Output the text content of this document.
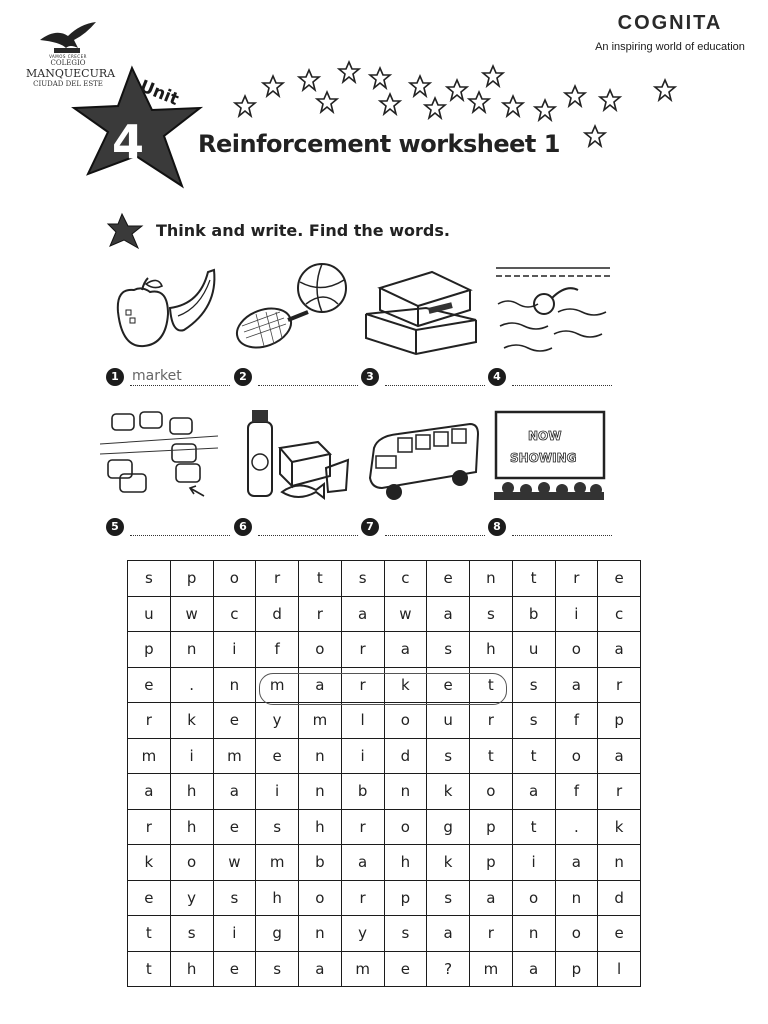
VAMOS CRECER
COLEGIO
MANQUECURA
CIUDAD DEL ESTE
COGNITA
An inspiring world of education
Unit
4 Reinforcement worksheet 1
Think and write. Find the words.
NOW
SHOWING
1 market	2	3	4
5	6	7	8
s	p	o	r	t	s	c	e	n	t	r	e
u	w	c	d	r	a	w	a	s	b	i	c
p	n	i	f	o	r	a	s	h	u	o	a
e	.	n	m	a	r	k	e	t	s	a	r
r	k	e	y	m	l	o	u	r	s	f	p
m	i	m	e	n	i	d	s	t	t	o	a
a	h	a	i	n	b	n	k	o	a	f	r
r	h	e	s	h	r	o	g	p	t	.	k
k	o	w	m	b	a	h	k	p	i	a	n
e	y	s	h	o	r	p	s	a	o	n	d
t	s	i	g	n	y	s	a	r	n	o	e
t	h	e	s	a	m	e	?	m	a	p	l
